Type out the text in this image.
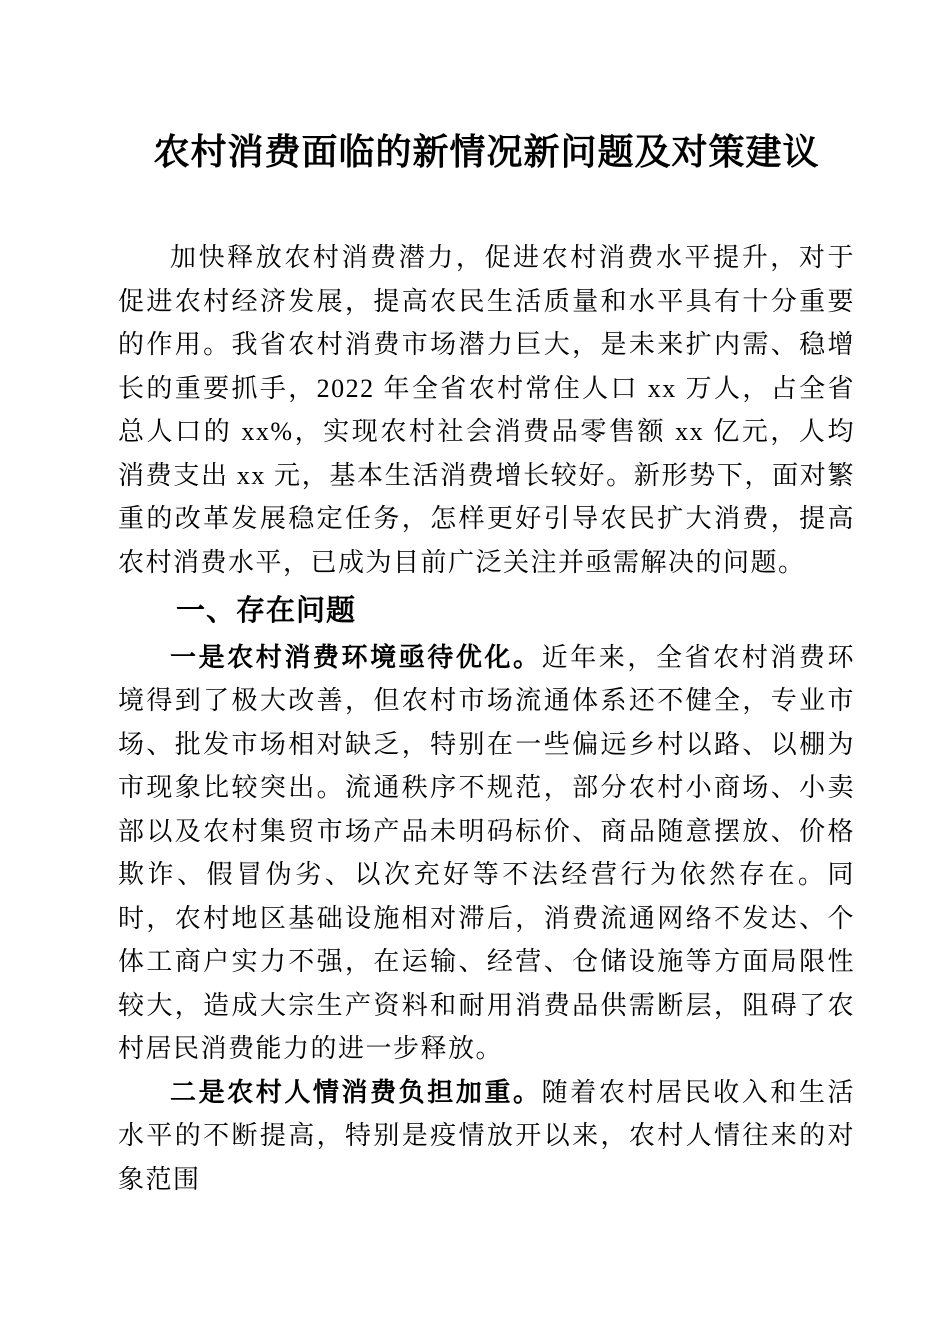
农村消费面临的新情况新问题及对策建议

加快释放农村消费潜力，促进农村消费水平提升，对于促进农村经济发展，提高农民生活质量和水平具有十分重要的作用。我省农村消费市场潜力巨大，是未来扩内需、稳增长的重要抓手，2022 年全省农村常住人口 xx 万人，占全省总人口的 xx%，实现农村社会消费品零售额 xx 亿元，人均消费支出 xx 元，基本生活消费增长较好。新形势下，面对繁重的改革发展稳定任务，怎样更好引导农民扩大消费，提高农村消费水平，已成为目前广泛关注并亟需解决的问题。

一、存在问题

一是农村消费环境亟待优化。近年来，全省农村消费环境得到了极大改善，但农村市场流通体系还不健全，专业市场、批发市场相对缺乏，特别在一些偏远乡村以路、以棚为市现象比较突出。流通秩序不规范，部分农村小商场、小卖部以及农村集贸市场产品未明码标价、商品随意摆放、价格欺诈、假冒伪劣、以次充好等不法经营行为依然存在。同时，农村地区基础设施相对滞后，消费流通网络不发达、个体工商户实力不强，在运输、经营、仓储设施等方面局限性较大，造成大宗生产资料和耐用消费品供需断层，阻碍了农村居民消费能力的进一步释放。

二是农村人情消费负担加重。随着农村居民收入和生活水平的不断提高，特别是疫情放开以来，农村人情往来的对象范围
